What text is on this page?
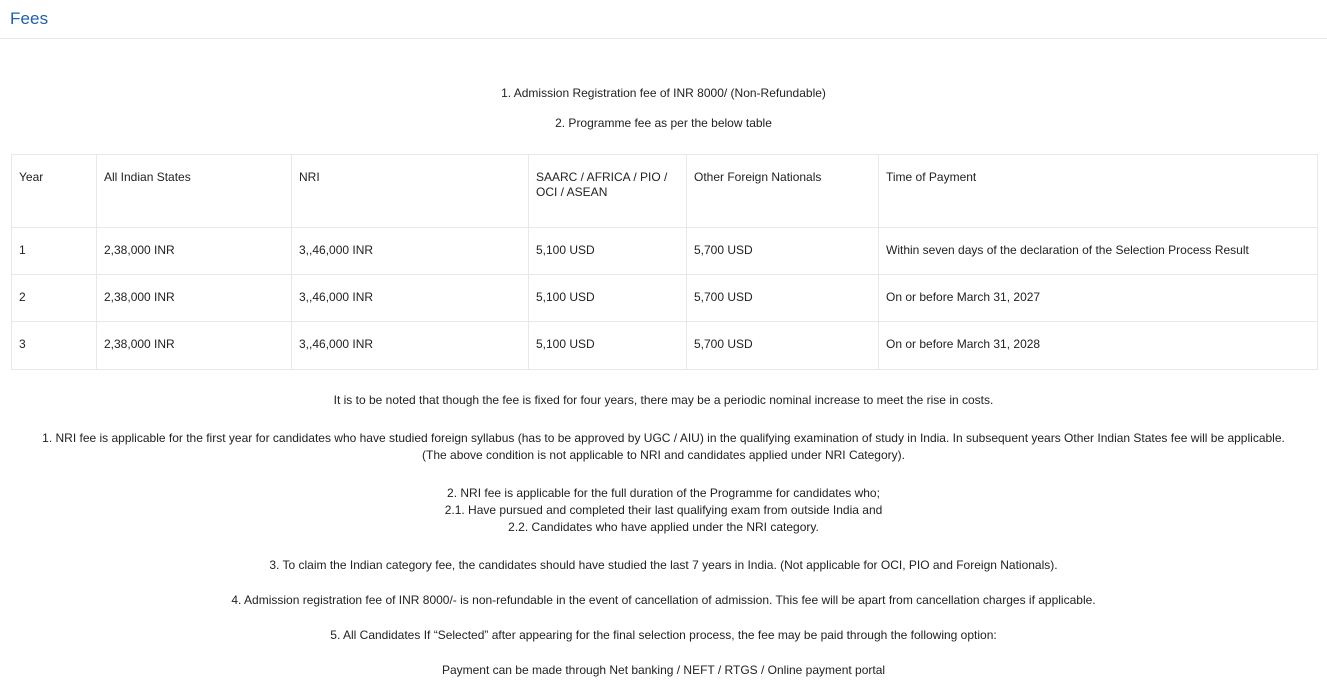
Fees

1. Admission Registration fee of INR 8000/ (Non-Refundable)

2. Programme fee as per the below table

Year	All Indian States	NRI	SAARC / AFRICA / PIO / OCI / ASEAN	Other Foreign Nationals	Time of Payment
1	2,38,000 INR	3,,46,000 INR	5,100 USD	5,700 USD	Within seven days of the declaration of the Selection Process Result
2	2,38,000 INR	3,,46,000 INR	5,100 USD	5,700 USD	On or before March 31, 2027
3	2,38,000 INR	3,,46,000 INR	5,100 USD	5,700 USD	On or before March 31, 2028

It is to be noted that though the fee is fixed for four years, there may be a periodic nominal increase to meet the rise in costs.

1. NRI fee is applicable for the first year for candidates who have studied foreign syllabus (has to be approved by UGC / AIU) in the qualifying examination of study in India. In subsequent years Other Indian States fee will be applicable.

(The above condition is not applicable to NRI and candidates applied under NRI Category).

2. NRI fee is applicable for the full duration of the Programme for candidates who;

2.1. Have pursued and completed their last qualifying exam from outside India and

2.2. Candidates who have applied under the NRI category.

3. To claim the Indian category fee, the candidates should have studied the last 7 years in India. (Not applicable for OCI, PIO and Foreign Nationals).

4. Admission registration fee of INR 8000/- is non-refundable in the event of cancellation of admission. This fee will be apart from cancellation charges if applicable.

5. All Candidates If “Selected” after appearing for the final selection process, the fee may be paid through the following option:

Payment can be made through Net banking / NEFT / RTGS / Online payment portal
